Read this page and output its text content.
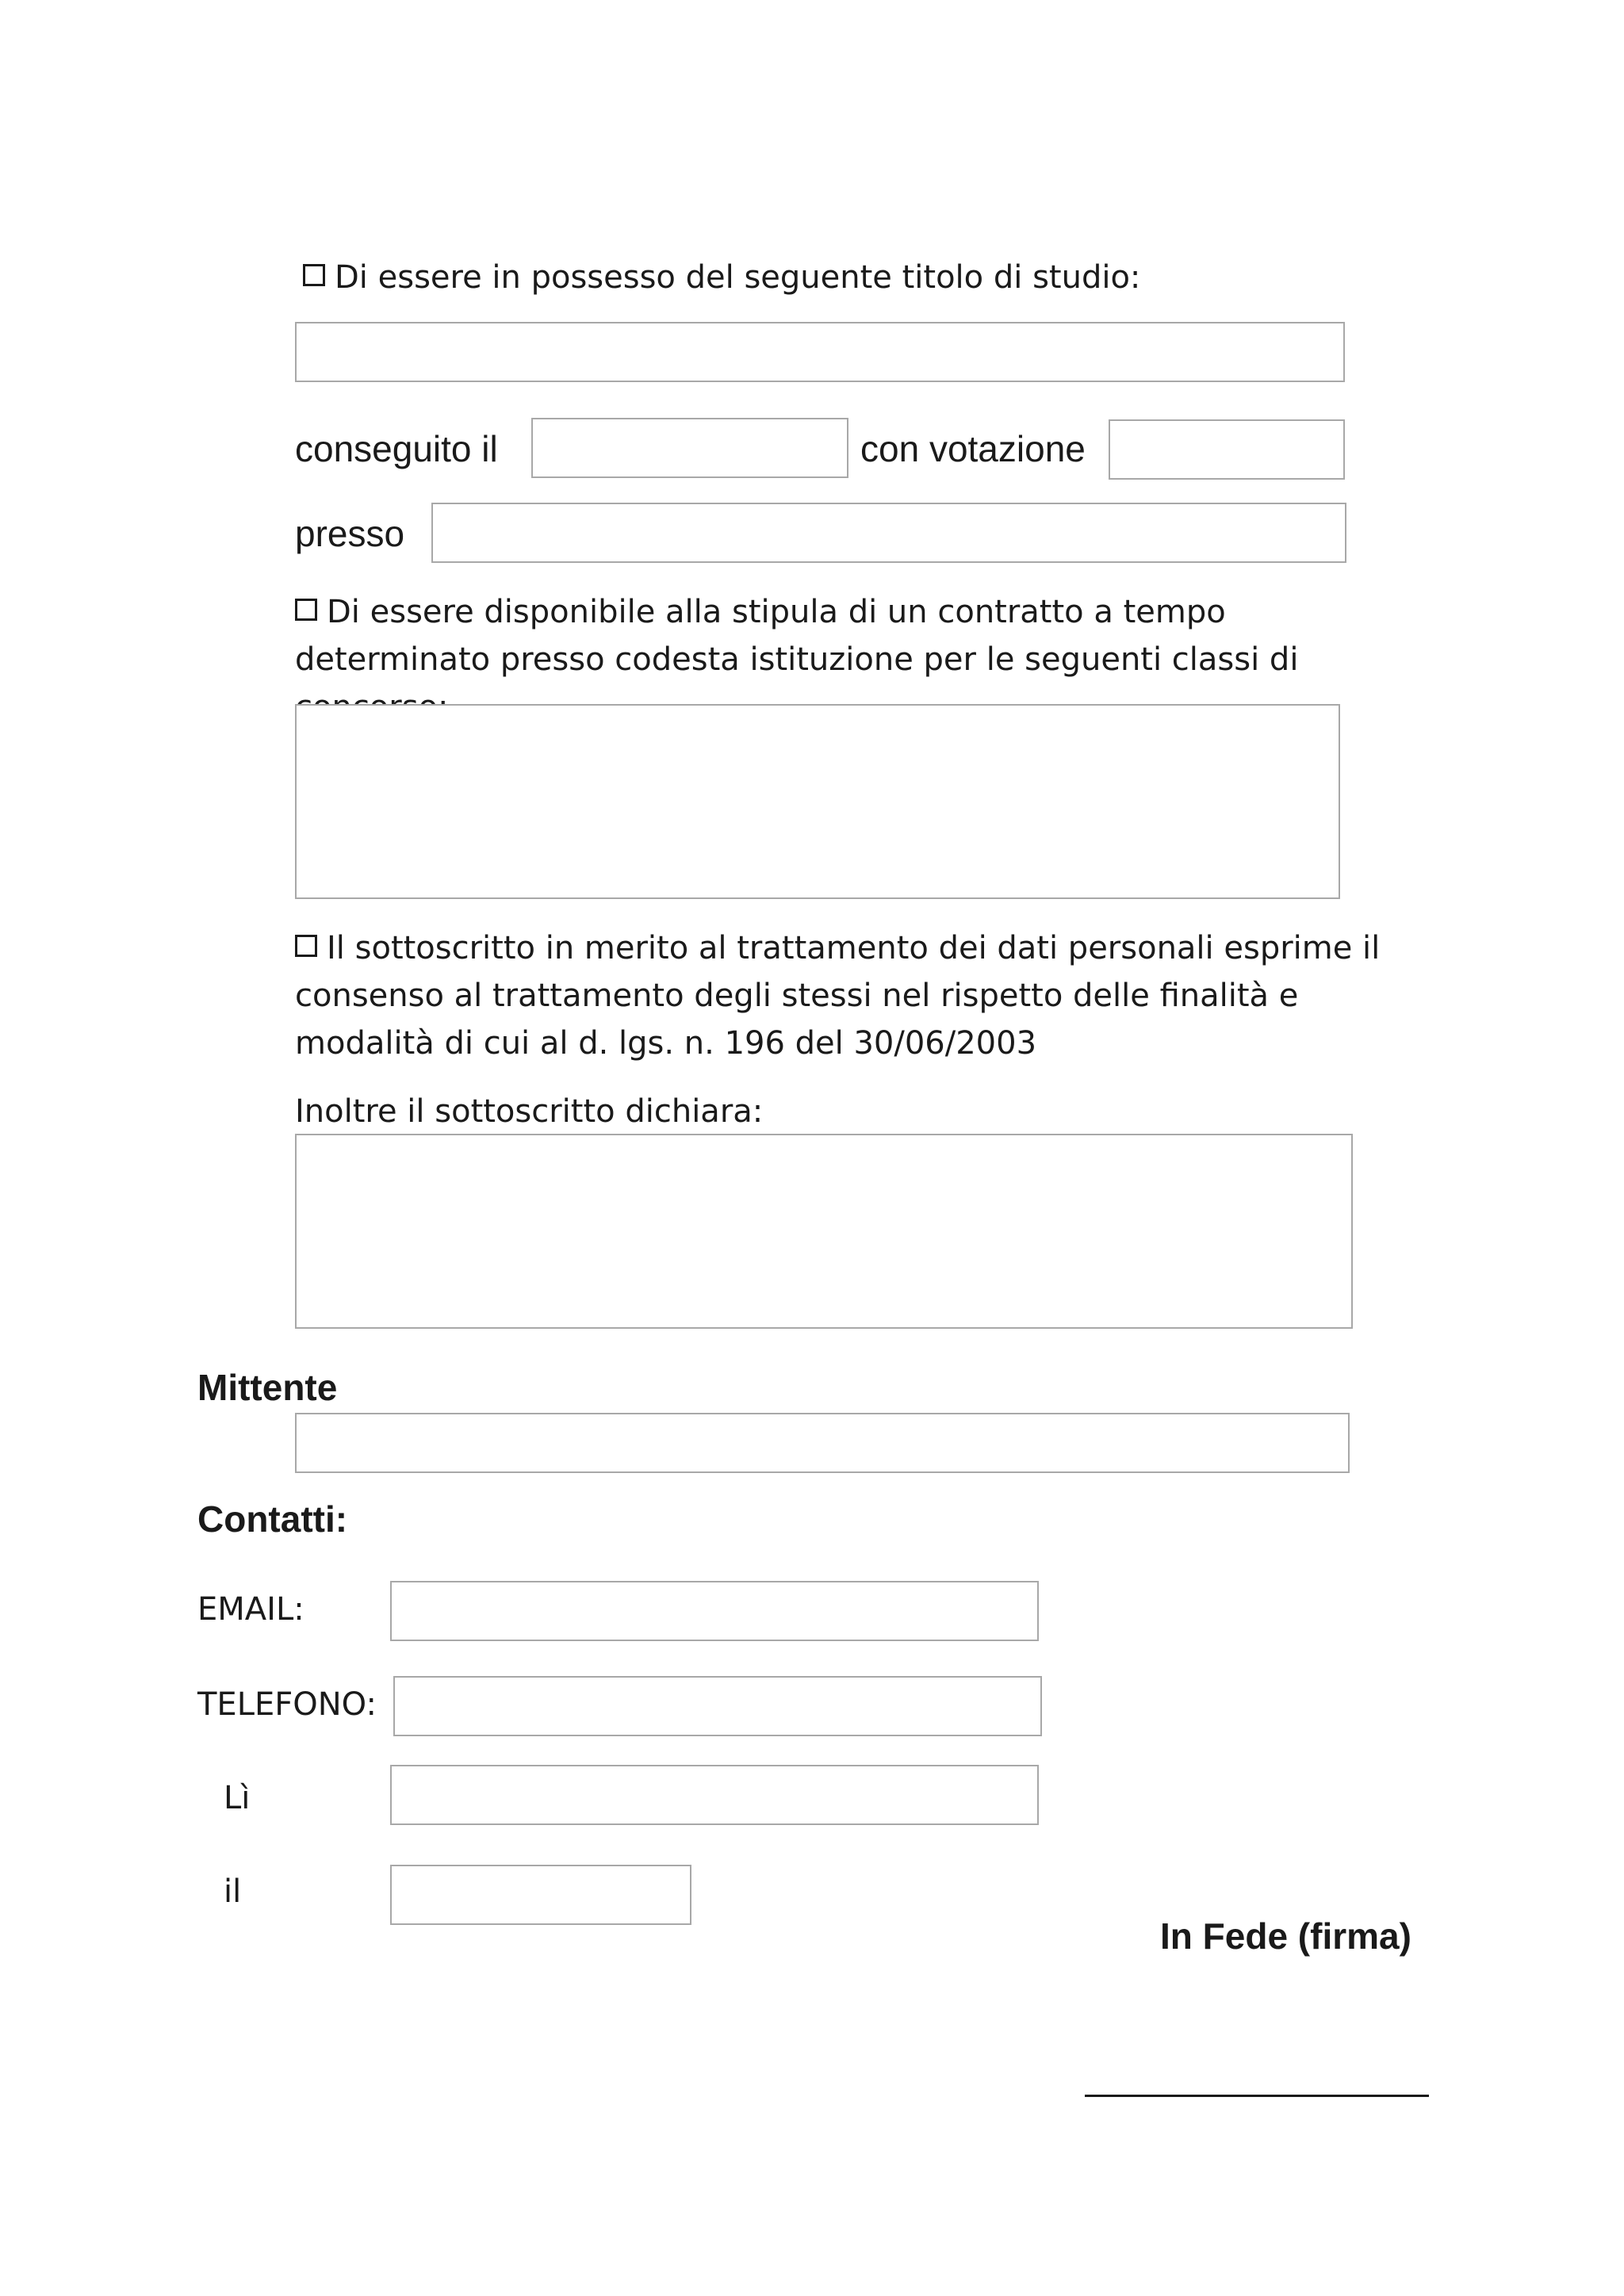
Di essere in possesso del seguente titolo di studio:
conseguito il	con votazione
presso
Di essere disponibile alla stipula di un contratto a tempo determinato presso codesta istituzione per le seguenti classi di
Il sottoscritto in merito al trattamento dei dati personali esprime il consenso al trattamento degli stessi nel rispetto delle finalità e modalità di cui al d. lgs. n. 196 del 30/06/2003
Inoltre il sottoscritto dichiara:
Mittente
Contatti:
EMAIL:
TELEFONO:
Lì
il
In Fede (firma)
